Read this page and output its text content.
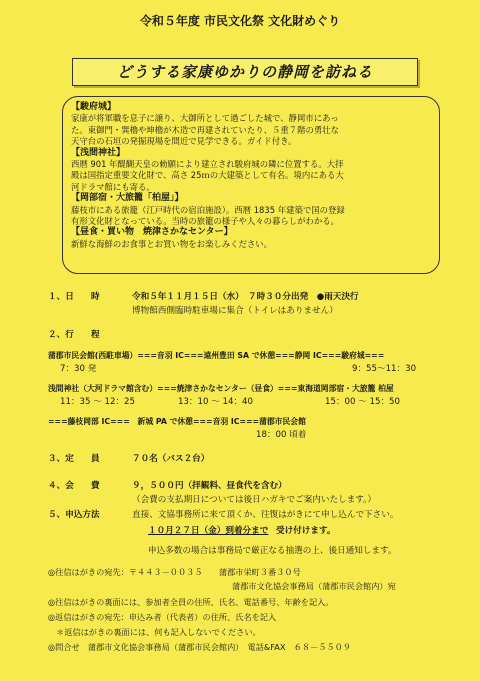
令和５年度 市民文化祭 文化財めぐり
どうする家康ゆかりの静岡を訪ねる
【駿府城】
家康が将軍職を息子に譲り、大御所として過ごした城で、静岡市にあっ
た。東御門・巽櫓や坤櫓が木造で再建されていたり、５重７階の勇壮な
天守台の石垣の発掘現場を間近で見学できる。ガイド付き。
【浅間神社】
西暦 901 年醍醐天皇の勅願により建立され駿府城の隣に位置する。大拝
殿は国指定重要文化財で、高さ 25ｍの大建築として有名。境内にある大
河ドラマ館にも寄る。
【岡部宿・大旅籠「柏屋」】
藤枝市にある旅籠（江戸時代の宿泊施設）。西暦 1835 年建築で国の登録
有形文化財となっている。当時の旅籠の様子や人々の暮らしがわかる。
【昼食・買い物　焼津さかなセンター】
新鮮な海鮮のお食事とお買い物をお楽しみください。
１、日　　時	令和５年１１月１５日（水）　７時３０分出発　●雨天決行
博物館西側臨時駐車場に集合（トイレはありません）
２、行　　程
蒲郡市民会館(西駐車場）===音羽 IC===遠州豊田 SA で休憩===静岡 IC===駿府城===
7：30 発	9：55～11：30
浅間神社（大河ドラマ館含む）===焼津さかなセンター（昼食）===東海道岡部宿・大旅籠 柏屋
11：35 ～ 12：25	13：10 ～ 14：40	15：00 ～ 15：50
===藤枝岡部 IC===　新城 PA で休憩===音羽 IC===蒲郡市民会館
18：00 頃着
３、定　　員	７０名（バス２台）
４、会　　費	９，５００円（拝観料、昼食代を含む）
（会費の支払期日については後日ハガキでご案内いたします。）
５、申込方法	直接、文協事務所に来て頂くか、往復はがきにて申し込んで下さい。
１０月２７日（金）到着分まで 受け付けます。
申込多数の場合は事務局で厳正なる抽選の上、後日通知します。
◎往信はがきの宛先：〒４４３－００３５　　蒲郡市栄町３番３０号
蒲郡市文化協会事務局（蒲郡市民会館内）宛
◎往信はがきの裏面には、参加者全員の住所、氏名、電話番号、年齢を記入。
◎返信はがきの宛先：申込み者（代表者）の住所、氏名を記入
＊返信はがきの裏面には、何も記入しないでください。
◎問合せ　蒲郡市文化協会事務局（蒲郡市民会館内）　電話&FAX　６８－５５０９
